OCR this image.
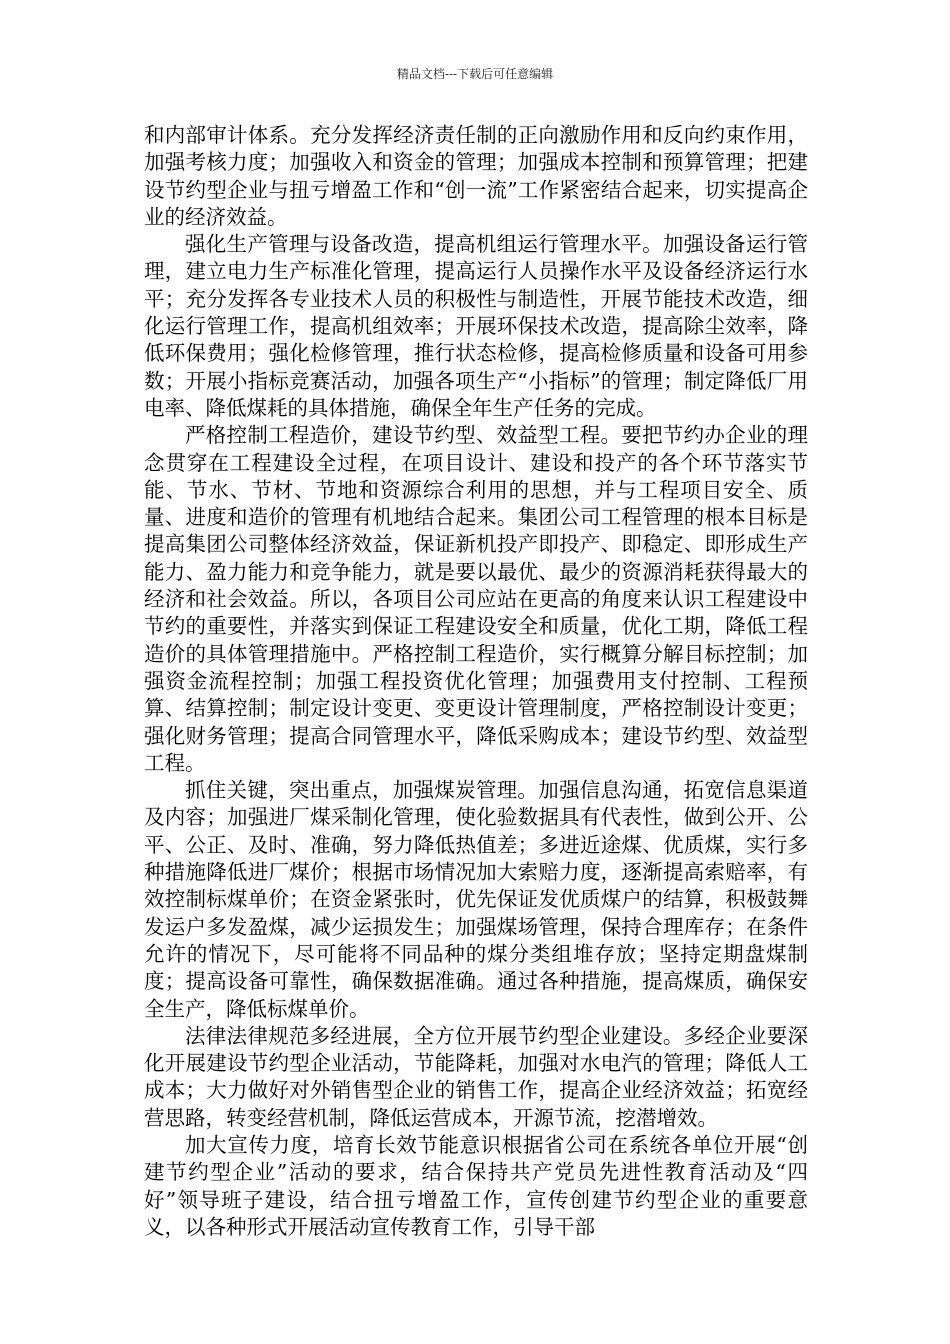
精品文档---下载后可任意编辑

和内部审计体系。充分发挥经济责任制的正向激励作用和反向约束作用，加强考核力度；加强收入和资金的管理；加强成本控制和预算管理；把建设节约型企业与扭亏增盈工作和“创一流”工作紧密结合起来，切实提高企业的经济效益。

强化生产管理与设备改造，提高机组运行管理水平。加强设备运行管理，建立电力生产标准化管理，提高运行人员操作水平及设备经济运行水平；充分发挥各专业技术人员的积极性与制造性，开展节能技术改造，细化运行管理工作，提高机组效率；开展环保技术改造，提高除尘效率，降低环保费用；强化检修管理，推行状态检修，提高检修质量和设备可用参数；开展小指标竞赛活动，加强各项生产“小指标”的管理；制定降低厂用电率、降低煤耗的具体措施，确保全年生产任务的完成。

严格控制工程造价，建设节约型、效益型工程。要把节约办企业的理念贯穿在工程建设全过程，在项目设计、建设和投产的各个环节落实节能、节水、节材、节地和资源综合利用的思想，并与工程项目安全、质量、进度和造价的管理有机地结合起来。集团公司工程管理的根本目标是提高集团公司整体经济效益，保证新机投产即投产、即稳定、即形成生产能力、盈力能力和竞争能力，就是要以最优、最少的资源消耗获得最大的经济和社会效益。所以，各项目公司应站在更高的角度来认识工程建设中节约的重要性，并落实到保证工程建设安全和质量，优化工期，降低工程造价的具体管理措施中。严格控制工程造价，实行概算分解目标控制；加强资金流程控制；加强工程投资优化管理；加强费用支付控制、工程预算、结算控制；制定设计变更、变更设计管理制度，严格控制设计变更；强化财务管理；提高合同管理水平，降低采购成本；建设节约型、效益型工程。

抓住关键，突出重点，加强煤炭管理。加强信息沟通，拓宽信息渠道及内容；加强进厂煤采制化管理，使化验数据具有代表性，做到公开、公平、公正、及时、准确，努力降低热值差；多进近途煤、优质煤，实行多种措施降低进厂煤价；根据市场情况加大索赔力度，逐渐提高索赔率，有效控制标煤单价；在资金紧张时，优先保证发优质煤户的结算，积极鼓舞发运户多发盈煤，减少运损发生；加强煤场管理，保持合理库存；在条件允许的情况下，尽可能将不同品种的煤分类组堆存放；坚持定期盘煤制度；提高设备可靠性，确保数据准确。通过各种措施，提高煤质，确保安全生产，降低标煤单价。

法律法律规范多经进展，全方位开展节约型企业建设。多经企业要深化开展建设节约型企业活动，节能降耗，加强对水电汽的管理；降低人工成本；大力做好对外销售型企业的销售工作，提高企业经济效益；拓宽经营思路，转变经营机制，降低运营成本，开源节流，挖潜增效。

加大宣传力度，培育长效节能意识根据省公司在系统各单位开展“创建节约型企业”活动的要求，结合保持共产党员先进性教育活动及“四好”领导班子建设，结合扭亏增盈工作，宣传创建节约型企业的重要意义，以各种形式开展活动宣传教育工作，引导干部
